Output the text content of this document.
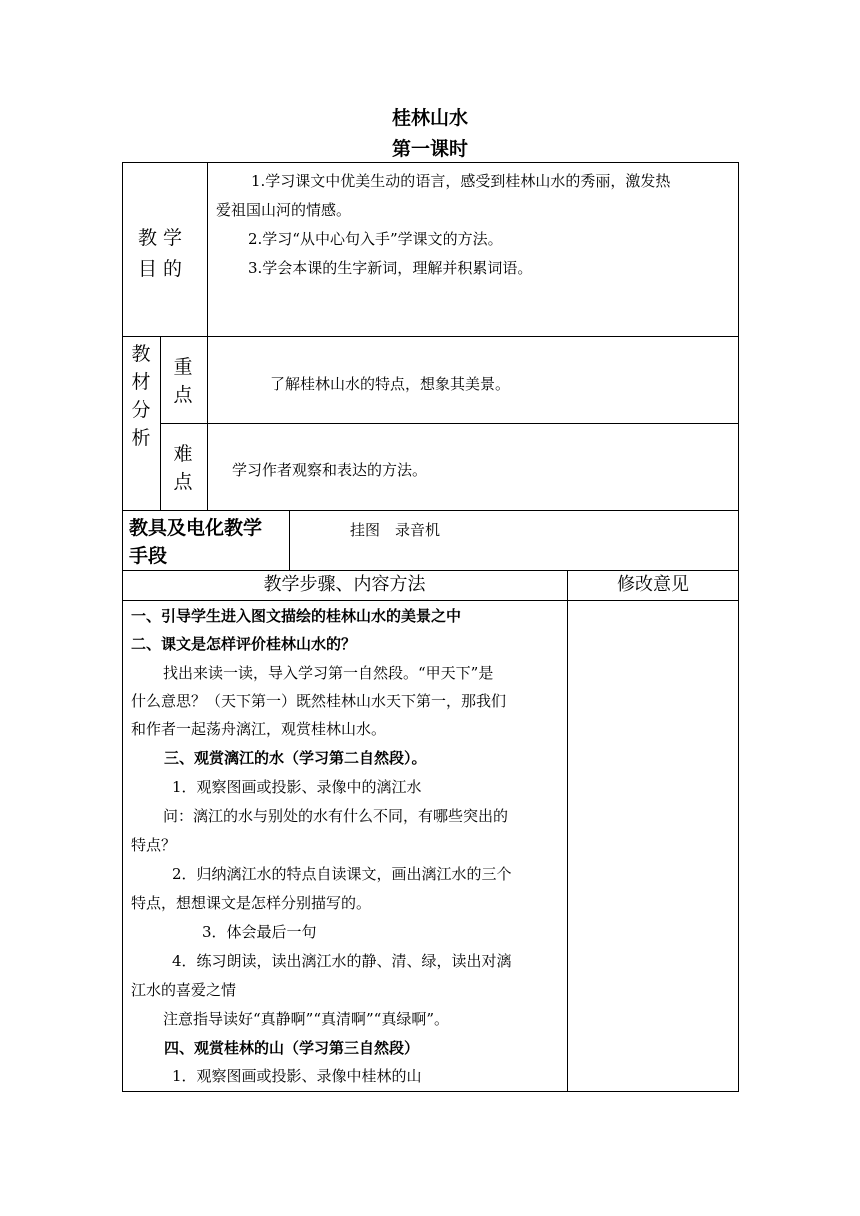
桂林山水
第一课时
教 学
目 的
1.学习课文中优美生动的语言，感受到桂林山水的秀丽，激发热
爱祖国山河的情感。
2.学习“从中心句入手”学课文的方法。
3.学会本课的生字新词，理解并积累词语。
教材分析
重点	了解桂林山水的特点，想象其美景。
难点
学习作者观察和表达的方法。
教具及电化教学
手段
挂图　录音机
教学步骤、内容方法	修改意见
一、引导学生进入图文描绘的桂林山水的美景之中
二、课文是怎样评价桂林山水的？
找出来读一读，导入学习第一自然段。“甲天下”是
什么意思？（天下第一）既然桂林山水天下第一，那我们
和作者一起荡舟漓江，观赏桂林山水。
三、观赏漓江的水（学习第二自然段）。
1．观察图画或投影、录像中的漓江水
问：漓江的水与别处的水有什么不同，有哪些突出的
特点？
2．归纳漓江水的特点自读课文，画出漓江水的三个
特点，想想课文是怎样分别描写的。
3．体会最后一句
4．练习朗读，读出漓江水的静、清、绿，读出对漓
江水的喜爱之情
注意指导读好“真静啊”“真清啊”“真绿啊”。
四、观赏桂林的山（学习第三自然段）
1．观察图画或投影、录像中桂林的山
